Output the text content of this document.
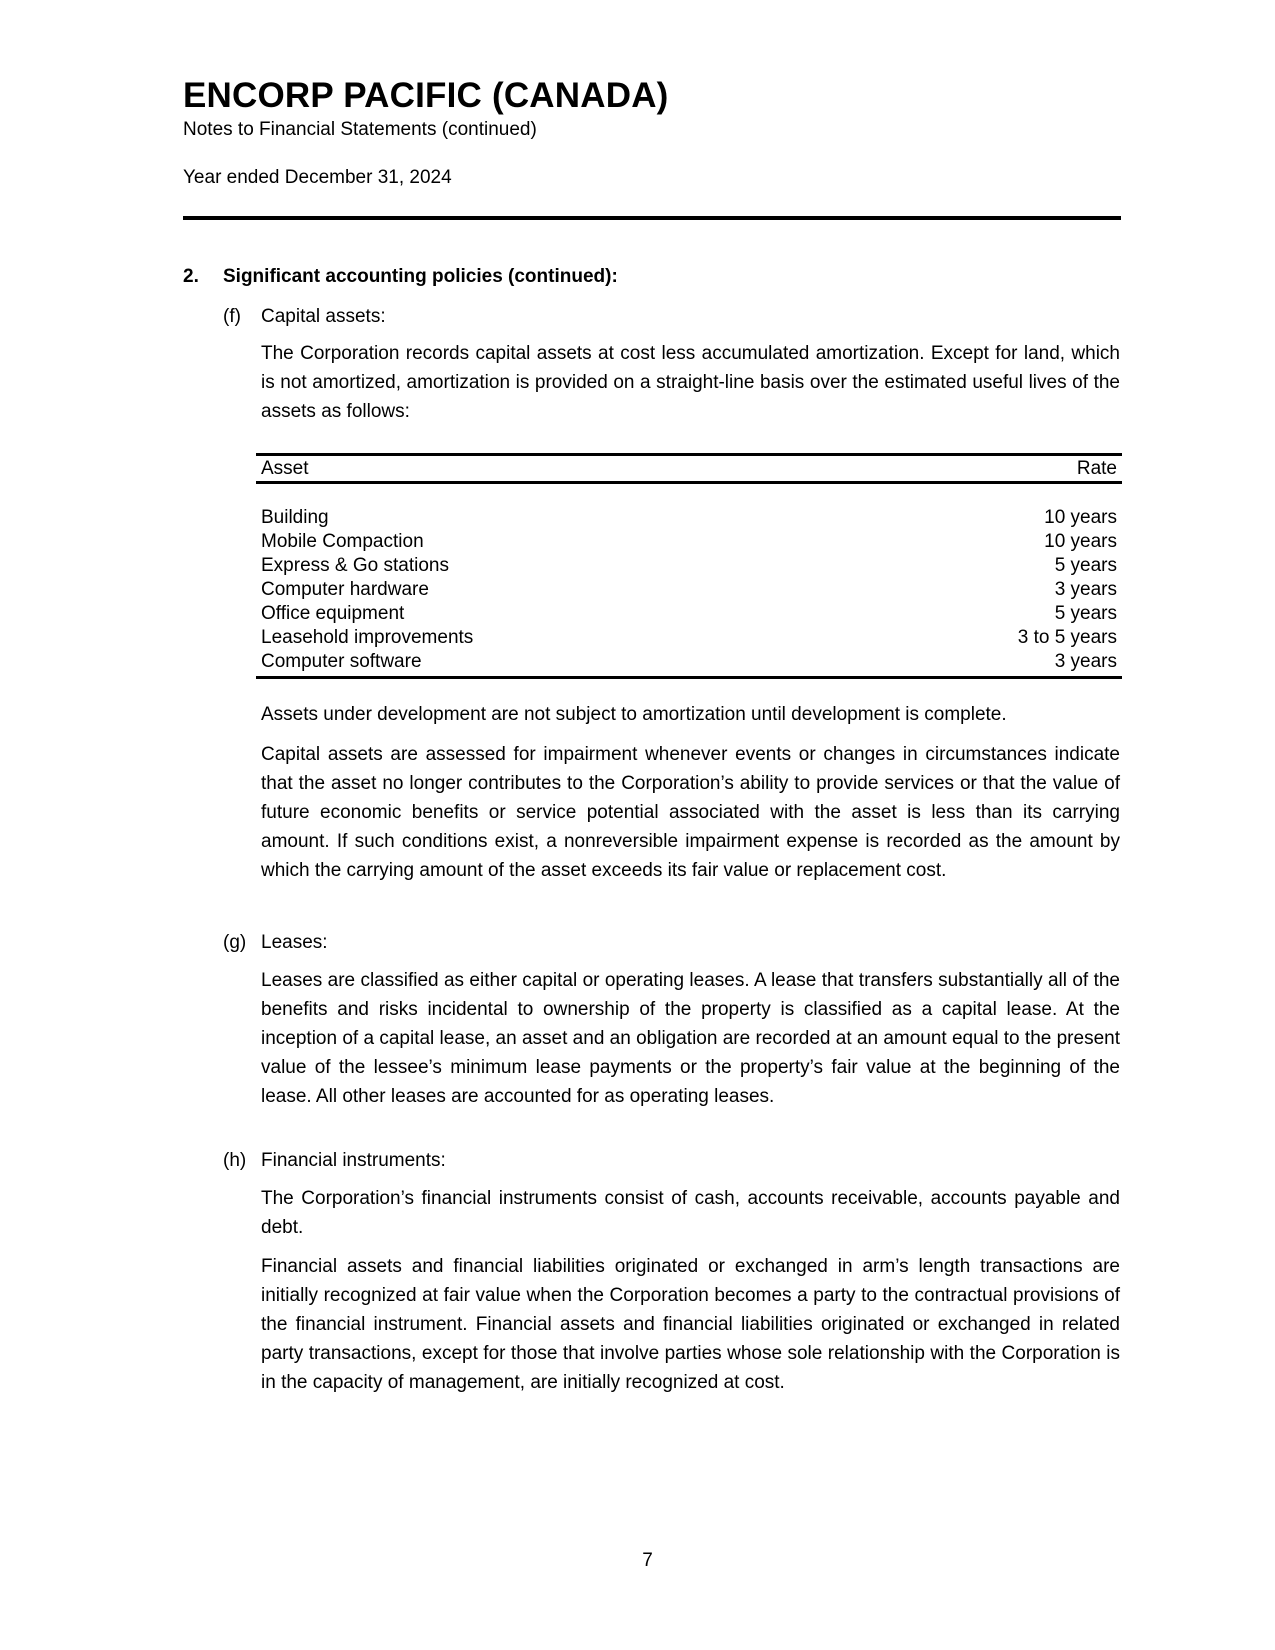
ENCORP PACIFIC (CANADA)
Notes to Financial Statements (continued)
Year ended December 31, 2024
2. Significant accounting policies (continued):
(f) Capital assets:
The Corporation records capital assets at cost less accumulated amortization. Except for land, which is not amortized, amortization is provided on a straight-line basis over the estimated useful lives of the assets as follows:
Asset	Rate
Building	10 years
Mobile Compaction	10 years
Express & Go stations	5 years
Computer hardware	3 years
Office equipment	5 years
Leasehold improvements	3 to 5 years
Computer software	3 years
Assets under development are not subject to amortization until development is complete.
Capital assets are assessed for impairment whenever events or changes in circumstances indicate that the asset no longer contributes to the Corporation’s ability to provide services or that the value of future economic benefits or service potential associated with the asset is less than its carrying amount. If such conditions exist, a nonreversible impairment expense is recorded as the amount by which the carrying amount of the asset exceeds its fair value or replacement cost.
(g) Leases:
Leases are classified as either capital or operating leases. A lease that transfers substantially all of the benefits and risks incidental to ownership of the property is classified as a capital lease. At the inception of a capital lease, an asset and an obligation are recorded at an amount equal to the present value of the lessee’s minimum lease payments or the property’s fair value at the beginning of the lease. All other leases are accounted for as operating leases.
(h) Financial instruments:
The Corporation’s financial instruments consist of cash, accounts receivable, accounts payable and debt.
Financial assets and financial liabilities originated or exchanged in arm’s length transactions are initially recognized at fair value when the Corporation becomes a party to the contractual provisions of the financial instrument. Financial assets and financial liabilities originated or exchanged in related party transactions, except for those that involve parties whose sole relationship with the Corporation is in the capacity of management, are initially recognized at cost.
7
